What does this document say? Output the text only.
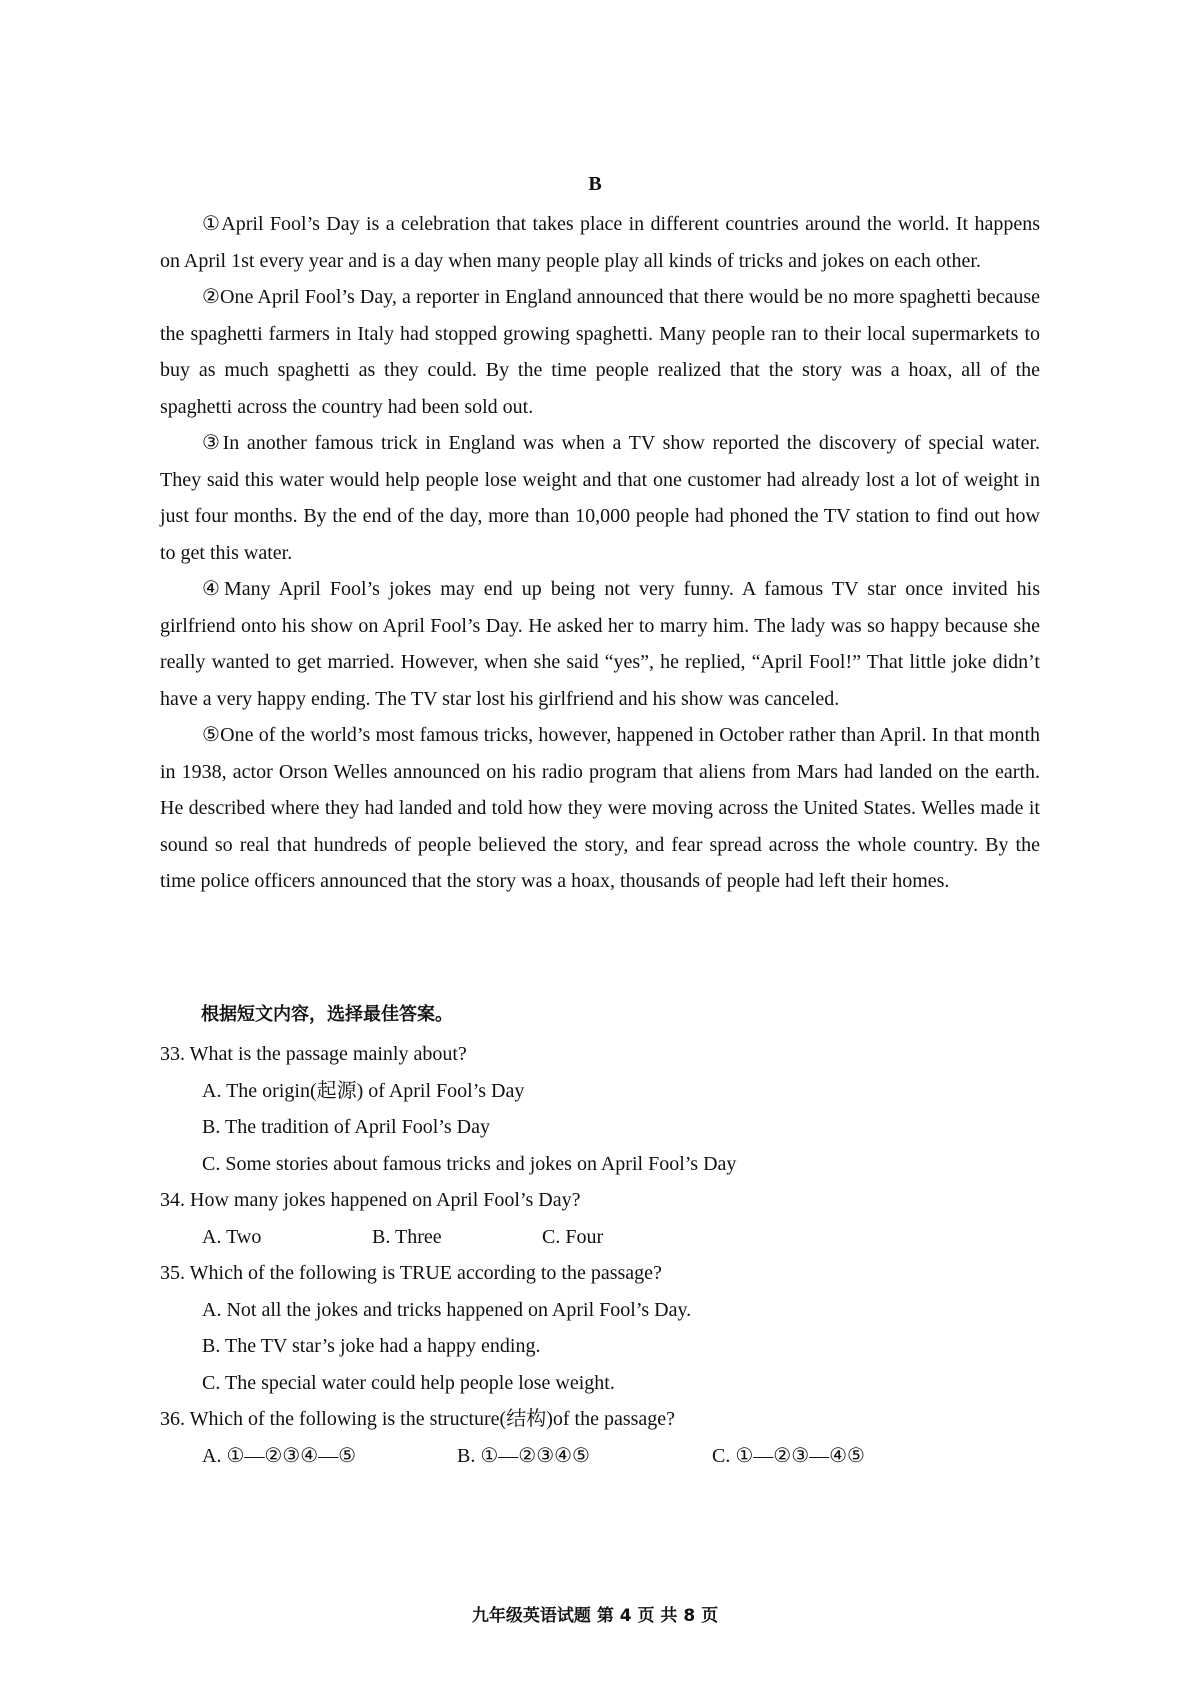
B

①April Fool’s Day is a celebration that takes place in different countries around the world. It happens on April 1st every year and is a day when many people play all kinds of tricks and jokes on each other.

②One April Fool’s Day, a reporter in England announced that there would be no more spaghetti because the spaghetti farmers in Italy had stopped growing spaghetti. Many people ran to their local supermarkets to buy as much spaghetti as they could. By the time people realized that the story was a hoax, all of the spaghetti across the country had been sold out.

③In another famous trick in England was when a TV show reported the discovery of special water. They said this water would help people lose weight and that one customer had already lost a lot of weight in just four months. By the end of the day, more than 10,000 people had phoned the TV station to find out how to get this water.

④Many April Fool’s jokes may end up being not very funny. A famous TV star once invited his girlfriend onto his show on April Fool’s Day. He asked her to marry him. The lady was so happy because she really wanted to get married. However, when she said “yes”, he replied, “April Fool!” That little joke didn’t have a very happy ending. The TV star lost his girlfriend and his show was canceled.

⑤One of the world’s most famous tricks, however, happened in October rather than April. In that month in 1938, actor Orson Welles announced on his radio program that aliens from Mars had landed on the earth. He described where they had landed and told how they were moving across the United States. Welles made it sound so real that hundreds of people believed the story, and fear spread across the whole country. By the time police officers announced that the story was a hoax, thousands of people had left their homes.

根据短文内容，选择最佳答案。

33. What is the passage mainly about?

A. The origin(起源) of April Fool’s Day

B. The tradition of April Fool’s Day

C. Some stories about famous tricks and jokes on April Fool’s Day

34. How many jokes happened on April Fool’s Day?

A. Two	B. Three	C. Four

35. Which of the following is TRUE according to the passage?

A. Not all the jokes and tricks happened on April Fool’s Day.

B. The TV star’s joke had a happy ending.

C. The special water could help people lose weight.

36. Which of the following is the structure(结构)of the passage?

A. ①—②③④—⑤	B. ①—②③④⑤	C. ①—②③—④⑤
九年级英语试题 第 4 页 共 8 页
